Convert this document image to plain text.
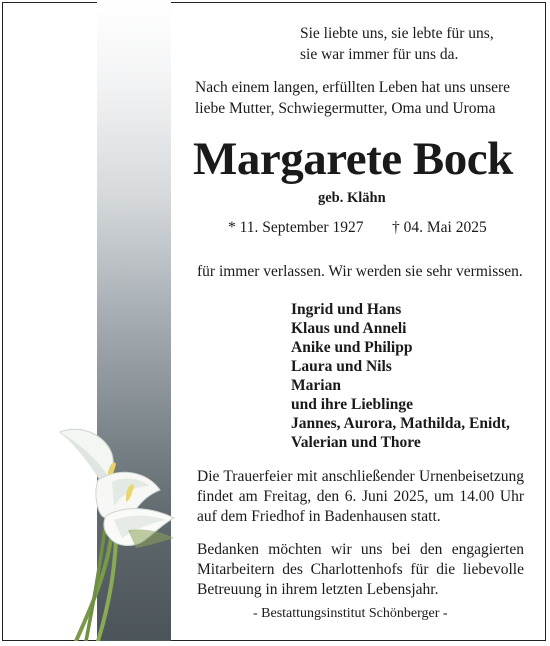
Sie liebte uns, sie lebte für uns,
sie war immer für uns da.

Nach einem langen, erfüllten Leben hat uns unsere
liebe Mutter, Schwiegermutter, Oma und Uroma

Margarete Bock

geb. Klähn

* 11. September 1927 † 04. Mai 2025

für immer verlassen. Wir werden sie sehr vermissen.

Ingrid und Hans
Klaus und Anneli
Anike und Philipp
Laura und Nils
Marian
und ihre Lieblinge
Jannes, Aurora, Mathilda, Enidt,
Valerian und Thore

Die Trauerfeier mit anschließender Urnenbeisetzung findet am Freitag, den 6. Juni 2025, um 14.00 Uhr auf dem Friedhof in Badenhausen statt.

Bedanken möchten wir uns bei den engagierten Mitarbeitern des Charlottenhofs für die liebevolle Betreuung in ihrem letzten Lebensjahr.

- Bestattungsinstitut Schönberger -
